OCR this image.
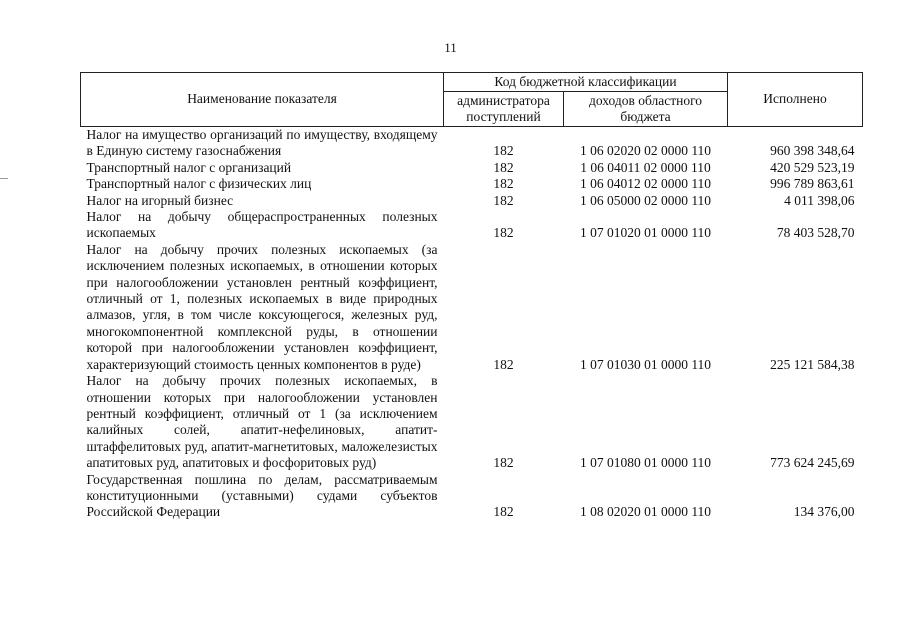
11
Наименование показателя	Код бюджетной классификации		Исполнено
	администратора поступлений	доходов областного бюджета	
Налог на имущество организаций по имуществу, входящему в Единую систему газоснабжения	182	1 06 02020 02 0000 110	960 398 348,64
Транспортный налог с организаций	182	1 06 04011 02 0000 110	420 529 523,19
Транспортный налог с физических лиц	182	1 06 04012 02 0000 110	996 789 863,61
Налог на игорный бизнес	182	1 06 05000 02 0000 110	4 011 398,06
Налог на добычу общераспространенных полезных ископаемых	182	1 07 01020 01 0000 110	78 403 528,70
Налог на добычу прочих полезных ископаемых (за исключением полезных ископаемых, в отношении которых при налогообложении установлен рентный коэффициент, отличный от 1, полезных ископаемых в виде природных алмазов, угля, в том числе коксующегося, железных руд, многокомпонентной комплексной руды, в отношении которой при налогообложении установлен коэффициент, характеризующий стоимость ценных компонентов в руде)	182	1 07 01030 01 0000 110	225 121 584,38
Налог на добычу прочих полезных ископаемых, в отношении которых при налогообложении установлен рентный коэффициент, отличный от 1 (за исключением калийных солей, апатит-нефелиновых, апатит-штаффелитовых руд, апатит-магнетитовых, маложелезистых апатитовых руд, апатитовых и фосфоритовых руд)	182	1 07 01080 01 0000 110	773 624 245,69
Государственная пошлина по делам, рассматриваемым конституционными (уставными) судами субъектов Российской Федерации	182	1 08 02020 01 0000 110	134 376,00
